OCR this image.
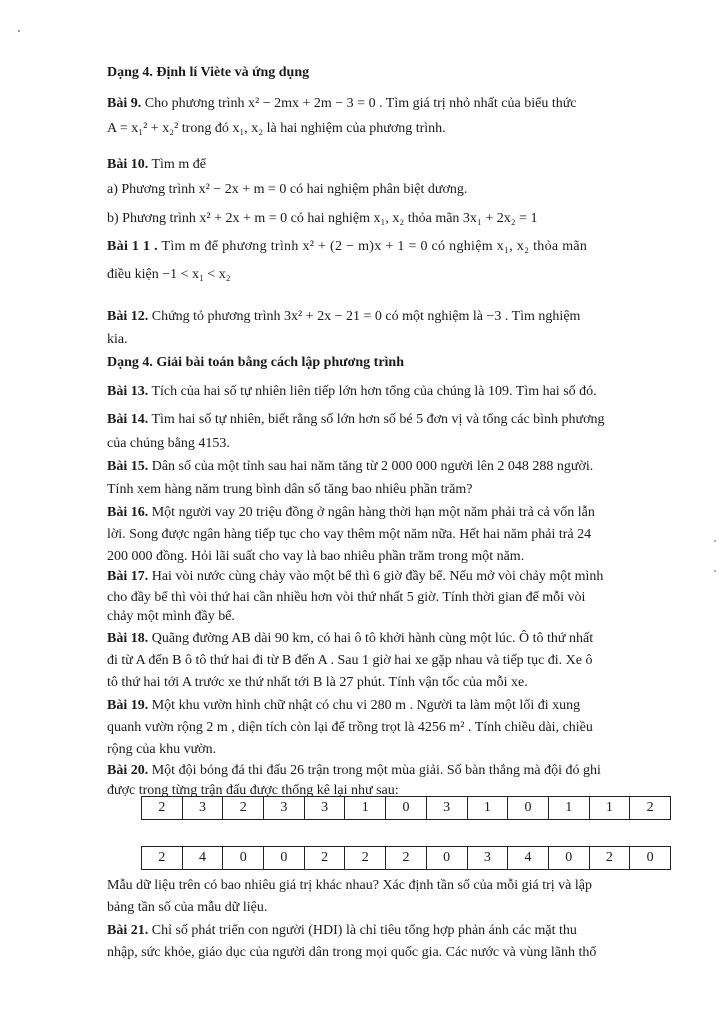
Dạng 4. Định lí Viète và ứng dụng
Bài 9. Cho phương trình x² − 2mx + 2m − 3 = 0 . Tìm giá trị nhỏ nhất của biểu thức
A = x₁² + x₂² trong đó x₁, x₂ là hai nghiệm của phương trình.
Bài 10. Tìm m để
a) Phương trình x² − 2x + m = 0 có hai nghiệm phân biệt dương.
b) Phương trình x² + 2x + m = 0 có hai nghiệm x₁, x₂ thỏa mãn 3x₁ + 2x₂ = 1
Bài 1 1 . Tìm m để phương trình x² + (2 − m)x + 1 = 0 có nghiệm x₁, x₂ thỏa mãn
điều kiện −1 < x₁ < x₂
Bài 12. Chứng tỏ phương trình 3x² + 2x − 21 = 0 có một nghiệm là −3 . Tìm nghiệm
kia.
Dạng 4. Giải bài toán bằng cách lập phương trình
Bài 13. Tích của hai số tự nhiên liên tiếp lớn hơn tổng của chúng là 109. Tìm hai số đó.
Bài 14. Tìm hai số tự nhiên, biết rằng số lớn hơn số bé 5 đơn vị và tổng các bình phương
của chúng bằng 4153.
Bài 15. Dân số của một tỉnh sau hai năm tăng từ 2 000 000 người lên 2 048 288 người.
Tính xem hàng năm trung bình dân số tăng bao nhiêu phần trăm?
Bài 16. Một người vay 20 triệu đồng ở ngân hàng thời hạn một năm phải trả cả vốn lẫn
lời. Song được ngân hàng tiếp tục cho vay thêm một năm nữa. Hết hai năm phải trả 24
200 000 đồng. Hỏi lãi suất cho vay là bao nhiêu phần trăm trong một năm.
Bài 17. Hai vòi nước cùng chảy vào một bể thì 6 giờ đầy bể. Nếu mở vòi chảy một mình
cho đầy bể thì vòi thứ hai cần nhiều hơn vòi thứ nhất 5 giờ. Tính thời gian để mỗi vòi
chảy một mình đầy bể.
Bài 18. Quãng đường AB dài 90 km, có hai ô tô khởi hành cùng một lúc. Ô tô thứ nhất
đi từ A đến B ô tô thứ hai đi từ B đến A . Sau 1 giờ hai xe gặp nhau và tiếp tục đi. Xe ô
tô thứ hai tới A trước xe thứ nhất tới B là 27 phút. Tính vận tốc của mỗi xe.
Bài 19. Một khu vườn hình chữ nhật có chu vi 280 m . Người ta làm một lối đi xung
quanh vườn rộng 2 m , diện tích còn lại để trồng trọt là 4256 m² . Tính chiều dài, chiều
rộng của khu vườn.
Bài 20. Một đội bóng đá thi đấu 26 trận trong một mùa giải. Số bàn thắng mà đội đó ghi
được trong từng trận đấu được thống kê lại như sau:
2	3	2	3	3	1	0	3	1	0	1	1	2
2	4	0	0	2	2	2	0	3	4	0	2	0
Mẫu dữ liệu trên có bao nhiêu giá trị khác nhau? Xác định tần số của mỗi giá trị và lập
bảng tần số của mẫu dữ liệu.
Bài 21. Chỉ số phát triển con người (HDI) là chỉ tiêu tổng hợp phản ánh các mặt thu
nhập, sức khỏe, giáo dục của người dân trong mọi quốc gia. Các nước và vùng lãnh thổ
